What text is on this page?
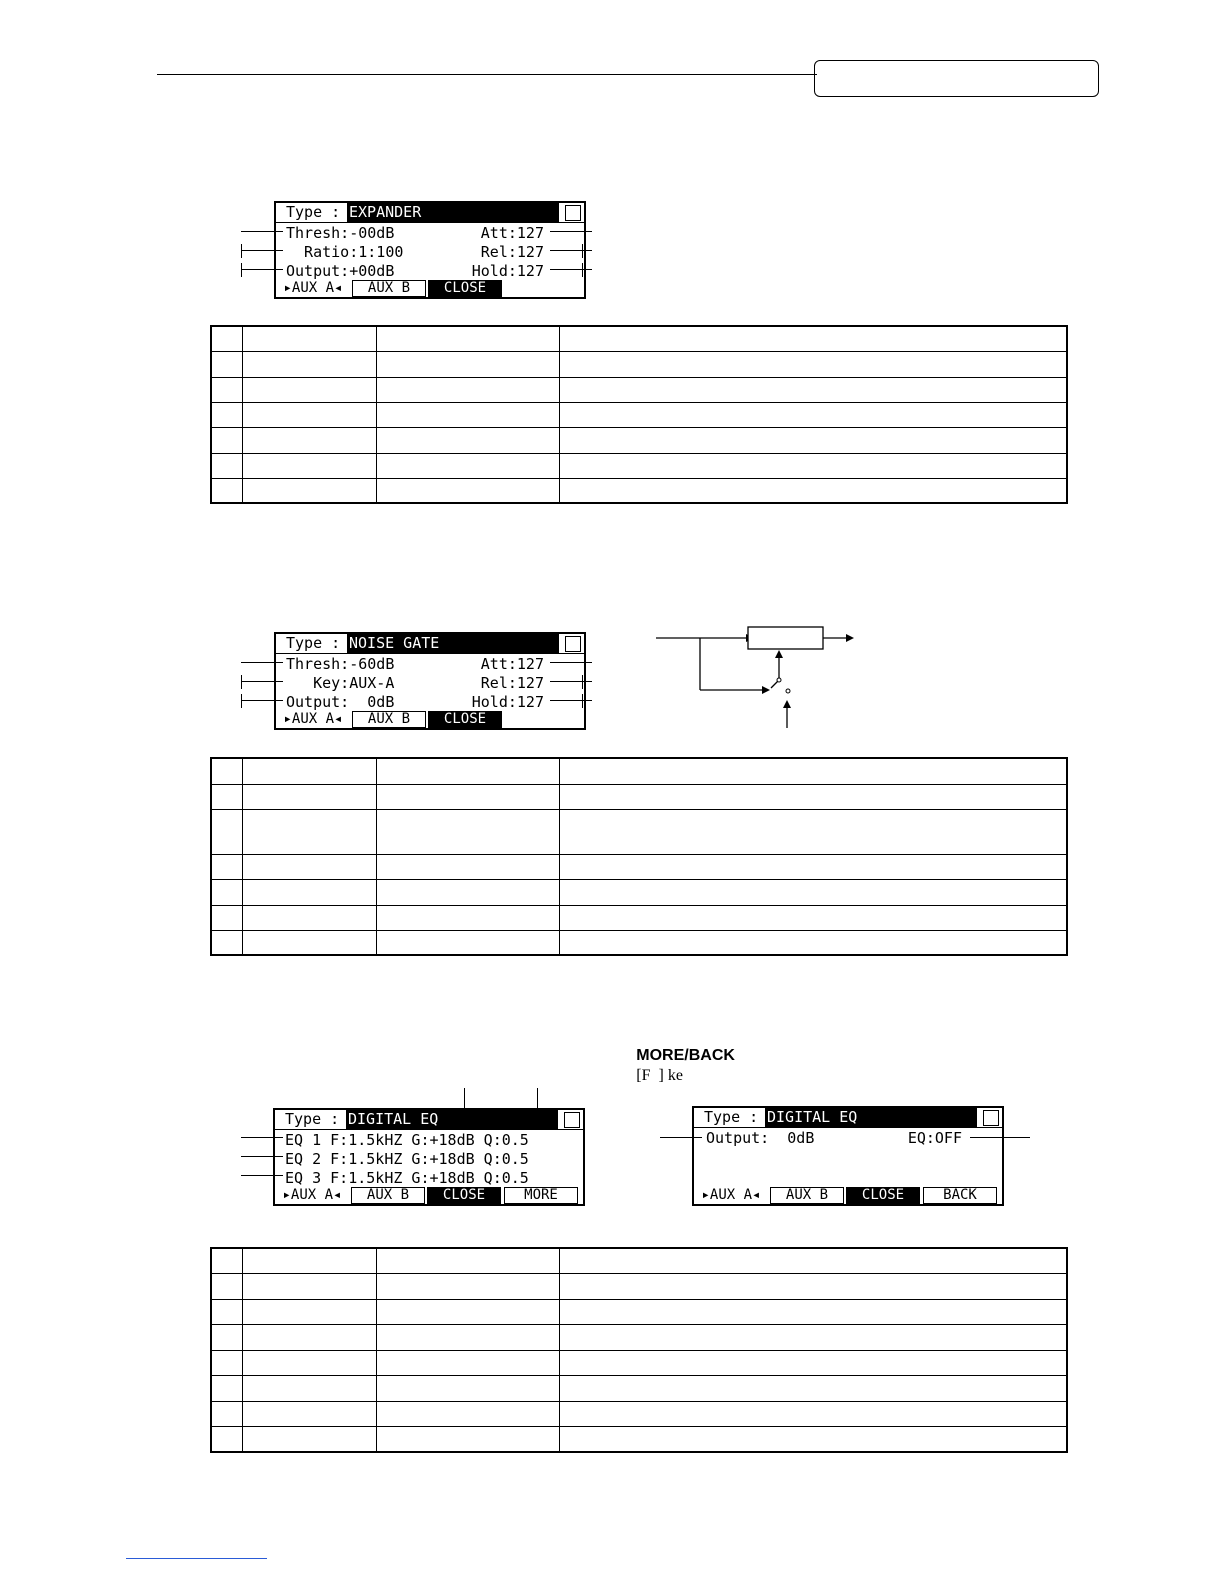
Type : EXPANDER
Thresh:-00dB
Ratio:1:100
Output:+00dB
Att:127
Rel:127
Hold:127
▸AUX A◂	AUX B	CLOSE

Type : NOISE GATE
Thresh:-60dB
Key:AUX-A
Output:  0dB
Att:127
Rel:127
Hold:127
▸AUX A◂	AUX B	CLOSE

MORE/BACK
[F  ] ke

Type : DIGITAL EQ
EQ 1 F:1.5kHZ G:+18dB Q:0.5
EQ 2 F:1.5kHZ G:+18dB Q:0.5
EQ 3 F:1.5kHZ G:+18dB Q:0.5
▸AUX A◂	AUX B	CLOSE	MORE
Type : DIGITAL EQ
Output:  0dB	EQ:OFF
▸AUX A◂	AUX B	CLOSE	BACK
